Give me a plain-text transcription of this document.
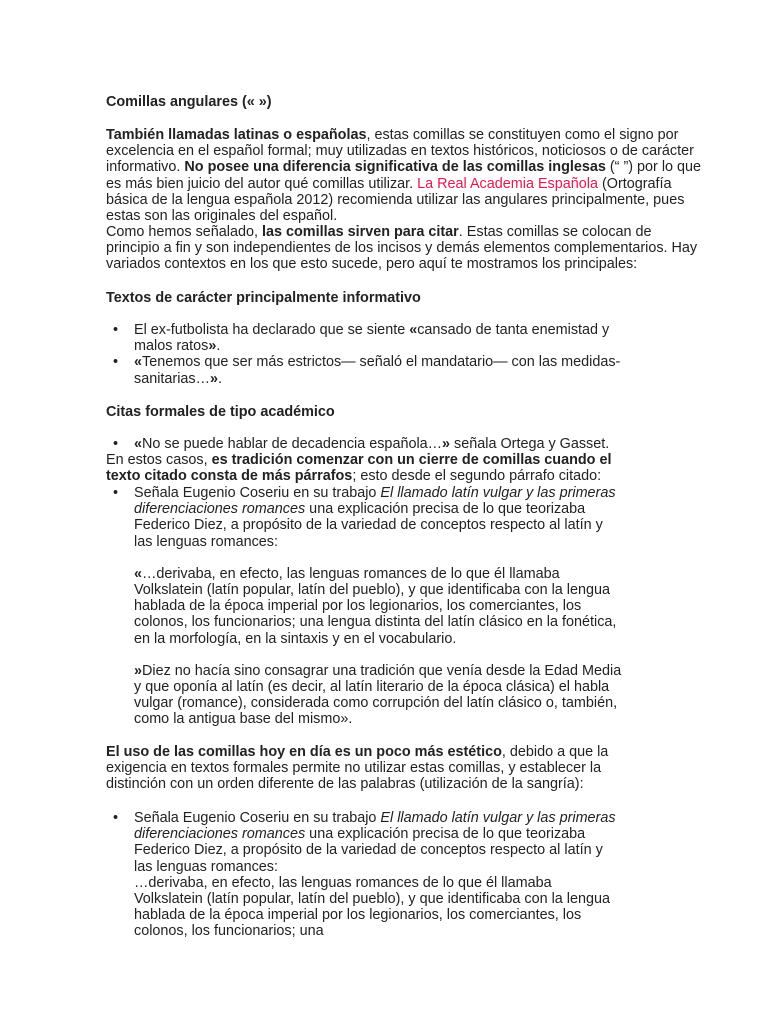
Comillas angulares (« »)

También llamadas latinas o españolas, estas comillas se constituyen como el signo por excelencia en el español formal; muy utilizadas en textos históricos, noticiosos o de carácter informativo. No posee una diferencia significativa de las comillas inglesas (“ ”) por lo que es más bien juicio del autor qué comillas utilizar. La Real Academia Española (Ortografía básica de la lengua española 2012) recomienda utilizar las angulares principalmente, pues estas son las originales del español.

Como hemos señalado, las comillas sirven para citar. Estas comillas se colocan de principio a fin y son independientes de los incisos y demás elementos complementarios. Hay variados contextos en los que esto sucede, pero aquí te mostramos los principales:

Textos de carácter principalmente informativo

• El ex-futbolista ha declarado que se siente «cansado de tanta enemistad y malos ratos».
• «Tenemos que ser más estrictos— señaló el mandatario— con las medidas-sanitarias…».

Citas formales de tipo académico

• «No se puede hablar de decadencia española…» señala Ortega y Gasset.

En estos casos, es tradición comenzar con un cierre de comillas cuando el texto citado consta de más párrafos; esto desde el segundo párrafo citado:

• Señala Eugenio Coseriu en su trabajo El llamado latín vulgar y las primeras diferenciaciones romances una explicación precisa de lo que teorizaba Federico Diez, a propósito de la variedad de conceptos respecto al latín y las lenguas romances:

«…derivaba, en efecto, las lenguas romances de lo que él llamaba Volkslatein (latín popular, latín del pueblo), y que identificaba con la lengua hablada de la época imperial por los legionarios, los comerciantes, los colonos, los funcionarios; una lengua distinta del latín clásico en la fonética, en la morfología, en la sintaxis y en el vocabulario.

»Diez no hacía sino consagrar una tradición que venía desde la Edad Media y que oponía al latín (es decir, al latín literario de la época clásica) el habla vulgar (romance), considerada como corrupción del latín clásico o, también, como la antigua base del mismo».

El uso de las comillas hoy en día es un poco más estético, debido a que la exigencia en textos formales permite no utilizar estas comillas, y establecer la distinción con un orden diferente de las palabras (utilización de la sangría):

• Señala Eugenio Coseriu en su trabajo El llamado latín vulgar y las primeras diferenciaciones romances una explicación precisa de lo que teorizaba Federico Diez, a propósito de la variedad de conceptos respecto al latín y las lenguas romances:
…derivaba, en efecto, las lenguas romances de lo que él llamaba Volkslatein (latín popular, latín del pueblo), y que identificaba con la lengua hablada de la época imperial por los legionarios, los comerciantes, los colonos, los funcionarios; una
